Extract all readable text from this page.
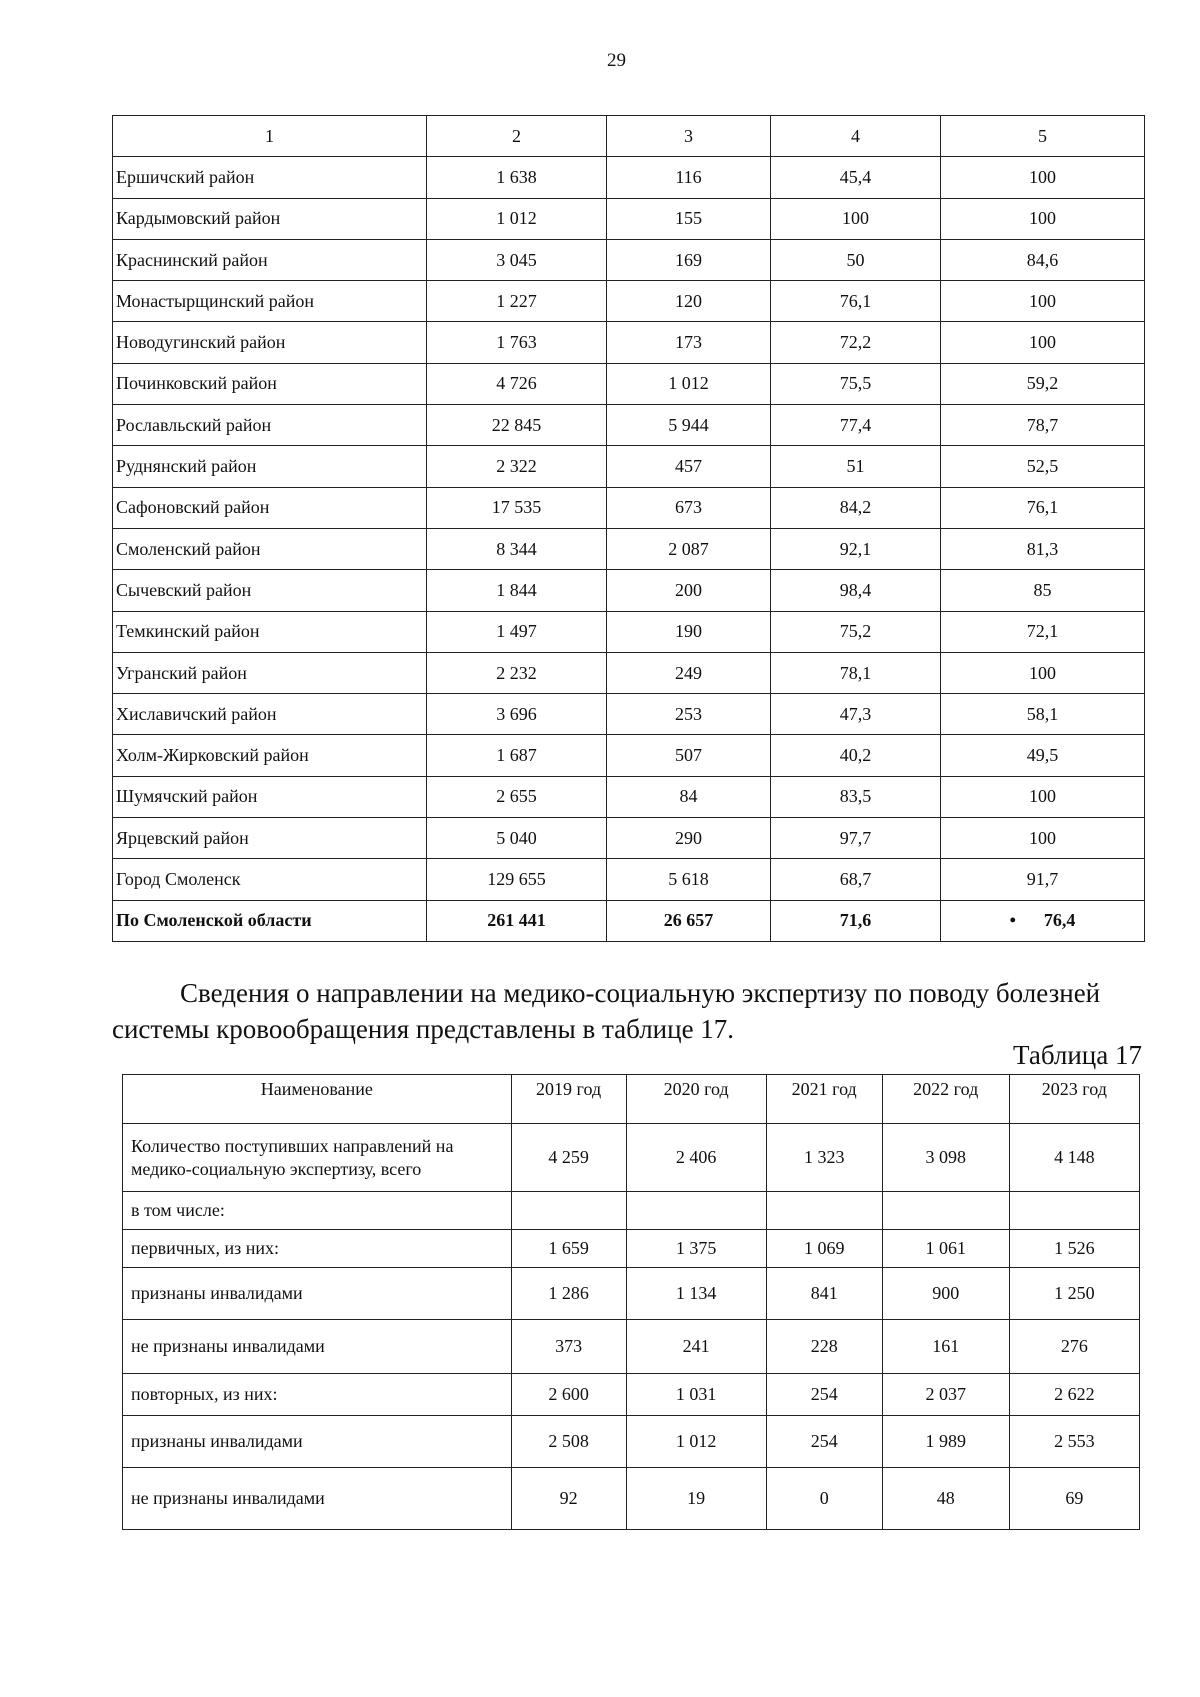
29
1	2	3	4	5
Ершичский район	1 638	116	45,4	100
Кардымовский район	1 012	155	100	100
Краснинский район	3 045	169	50	84,6
Монастырщинский район	1 227	120	76,1	100
Новодугинский район	1 763	173	72,2	100
Починковский район	4 726	1 012	75,5	59,2
Рославльский район	22 845	5 944	77,4	78,7
Руднянский район	2 322	457	51	52,5
Сафоновский район	17 535	673	84,2	76,1
Смоленский район	8 344	2 087	92,1	81,3
Сычевский район	1 844	200	98,4	85
Темкинский район	1 497	190	75,2	72,1
Угранский район	2 232	249	78,1	100
Хиславичский район	3 696	253	47,3	58,1
Холм-Жирковский район	1 687	507	40,2	49,5
Шумячский район	2 655	84	83,5	100
Ярцевский район	5 040	290	97,7	100
Город Смоленск	129 655	5 618	68,7	91,7
По Смоленской области	261 441	26 657	71,6	• 76,4
Сведения о направлении на медико-социальную экспертизу по поводу болезней системы кровообращения представлены в таблице 17.
Таблица 17
Наименование	2019 год	2020 год	2021 год	2022 год	2023 год
Количество поступивших направлений на медико-социальную экспертизу, всего	4 259	2 406	1 323	3 098	4 148
в том числе:					
первичных, из них:	1 659	1 375	1 069	1 061	1 526
признаны инвалидами	1 286	1 134	841	900	1 250
не признаны инвалидами	373	241	228	161	276
повторных, из них:	2 600	1 031	254	2 037	2 622
признаны инвалидами	2 508	1 012	254	1 989	2 553
не признаны инвалидами	92	19	0	48	69
